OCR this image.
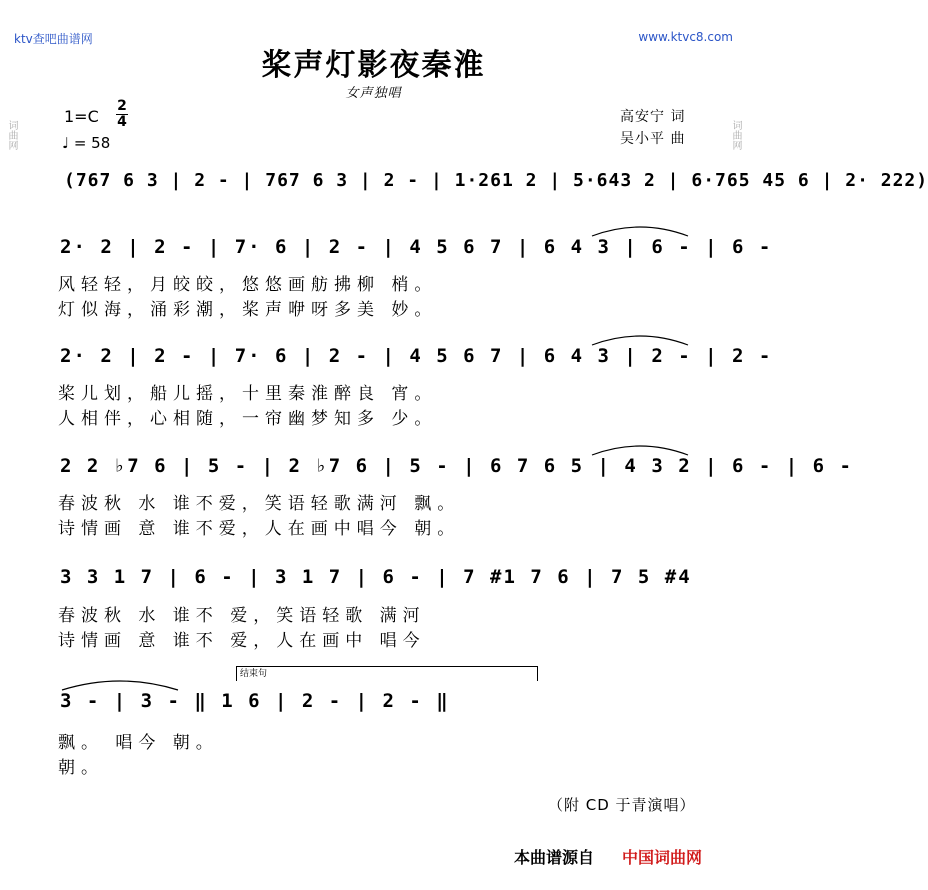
ktv查吧曲谱网	www.ktvc8.com
桨声灯影夜秦淮
女声独唱
1=C
2
4
♩ = 58
高安宁 词
吴小平 曲
(767 6 3 | 2 - | 767 6 3 | 2 - | 1·261 2 | 5·643 2 | 6·765 45 6 | 2· 222)
2· 2 | 2 - | 7· 6 | 2 - | 4 5 6 7 | 6 4 3 | 6 - | 6 -
风轻轻，月皎皎，悠悠画舫拂柳 梢。
灯似海，涌彩潮，桨声咿呀多美 妙。
2· 2 | 2 - | 7· 6 | 2 - | 4 5 6 7 | 6 4 3 | 2 - | 2 -
桨儿划，船儿摇，十里秦淮醉良 宵。
人相伴，心相随，一帘幽梦知多 少。
2 2 ♭7 6 | 5 - | 2 ♭7 6 | 5 - | 6 7 6 5 | 4 3 2 | 6 - | 6 -
春波秋 水 谁不爱，笑语轻歌满河 飘。
诗情画 意 谁不爱，人在画中唱今 朝。
3 3 1 7 | 6 - | 3 1 7 | 6 - | 7 #1 7 6 | 7 5 #4
春波秋 水 谁不 爱，笑语轻歌 满河
诗情画 意 谁不 爱，人在画中 唱今
结束句
3 - | 3 - ‖ 1 6 | 2 - | 2 - ‖
飘。 唱今 朝。
朝。
词曲网	词曲网
（附 CD 于青演唱）
本曲谱源自 中国词曲网
